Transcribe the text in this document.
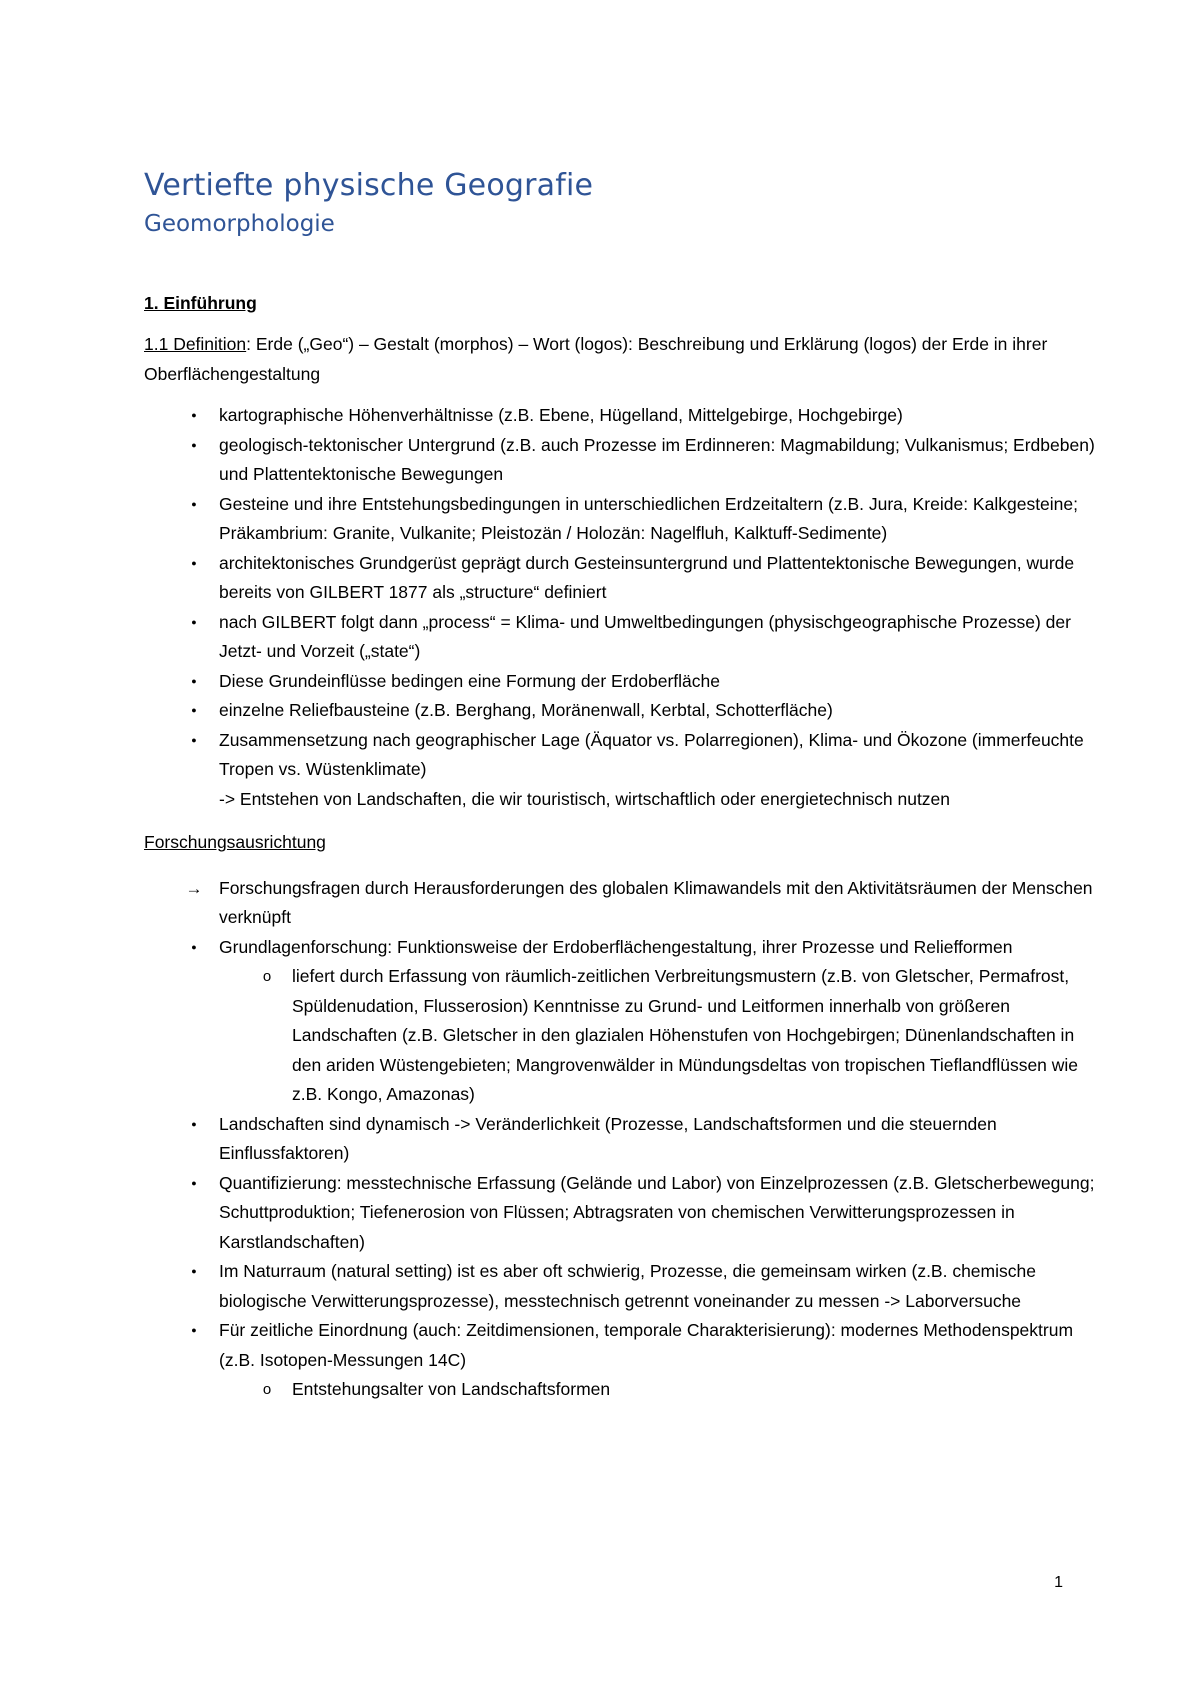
Vertiefte physische Geografie
Geomorphologie
1. Einführung

1.1 Definition: Erde („Geo“) – Gestalt (morphos) – Wort (logos): Beschreibung und Erklärung (logos) der Erde in ihrer Oberflächengestaltung

●
kartographische Höhenverhältnisse (z.B. Ebene, Hügelland, Mittelgebirge, Hochgebirge)
●
geologisch-tektonischer Untergrund (z.B. auch Prozesse im Erdinneren: Magmabildung; Vulkanismus; Erdbeben) und Plattentektonische Bewegungen
●
Gesteine und ihre Entstehungsbedingungen in unterschiedlichen Erdzeitaltern (z.B. Jura, Kreide: Kalkgesteine; Präkambrium: Granite, Vulkanite; Pleistozän / Holozän: Nagelfluh, Kalktuff-Sedimente)
●
architektonisches Grundgerüst geprägt durch Gesteinsuntergrund und Plattentektonische Bewegungen, wurde bereits von GILBERT 1877 als „structure“ definiert
●
nach GILBERT folgt dann „process“ = Klima- und Umweltbedingungen (physischgeographische Prozesse) der Jetzt- und Vorzeit („state“)
●
Diese Grundeinflüsse bedingen eine Formung der Erdoberfläche
●
einzelne Reliefbausteine (z.B. Berghang, Moränenwall, Kerbtal, Schotterfläche)
●
Zusammensetzung nach geographischer Lage (Äquator vs. Polarregionen), Klima- und Ökozone (immerfeuchte Tropen vs. Wüstenklimate)
-> Entstehen von Landschaften, die wir touristisch, wirtschaftlich oder energietechnisch nutzen
Forschungsausrichtung
→ Forschungsfragen durch Herausforderungen des globalen Klimawandels mit den Aktivitätsräumen der Menschen verknüpft
●
Grundlagenforschung: Funktionsweise der Erdoberflächengestaltung, ihrer Prozesse und Reliefformen
o	liefert durch Erfassung von räumlich-zeitlichen Verbreitungsmustern (z.B. von Gletscher, Permafrost, Spüldenudation, Flusserosion) Kenntnisse zu Grund- und Leitformen innerhalb von größeren Landschaften (z.B. Gletscher in den glazialen Höhenstufen von Hochgebirgen; Dünenlandschaften in den ariden Wüstengebieten; Mangrovenwälder in Mündungsdeltas von tropischen Tieflandflüssen wie z.B. Kongo, Amazonas)
●
Landschaften sind dynamisch -> Veränderlichkeit (Prozesse, Landschaftsformen und die steuernden Einflussfaktoren)
●
Quantifizierung: messtechnische Erfassung (Gelände und Labor) von Einzelprozessen (z.B. Gletscherbewegung; Schuttproduktion; Tiefenerosion von Flüssen; Abtragsraten von chemischen Verwitterungsprozessen in Karstlandschaften)
●
Im Naturraum (natural setting) ist es aber oft schwierig, Prozesse, die gemeinsam wirken (z.B. chemische biologische Verwitterungsprozesse), messtechnisch getrennt voneinander zu messen -> Laborversuche
●
Für zeitliche Einordnung (auch: Zeitdimensionen, temporale Charakterisierung): modernes Methodenspektrum (z.B. Isotopen-Messungen 14C)
o	Entstehungsalter von Landschaftsformen
1
